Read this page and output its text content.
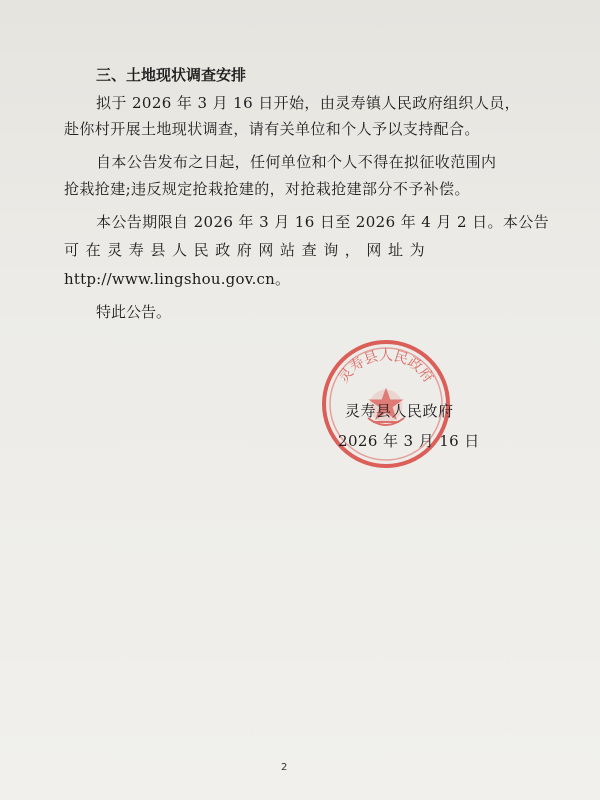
三、土地现状调查安排
拟于 2026 年 3 月 16 日开始，由灵寿镇人民政府组织人员，
赴你村开展土地现状调查，请有关单位和个人予以支持配合。
自本公告发布之日起，任何单位和个人不得在拟征收范围内
抢栽抢建;违反规定抢栽抢建的，对抢栽抢建部分不予补偿。
本公告期限自 2026 年 3 月 16 日至 2026 年 4 月 2 日。本公告
可在灵寿县人民政府网站查询，网址为
http://www.lingshou.gov.cn。
特此公告。
灵寿县人民政府
灵寿县人民政府
2026 年 3 月 16 日
2
